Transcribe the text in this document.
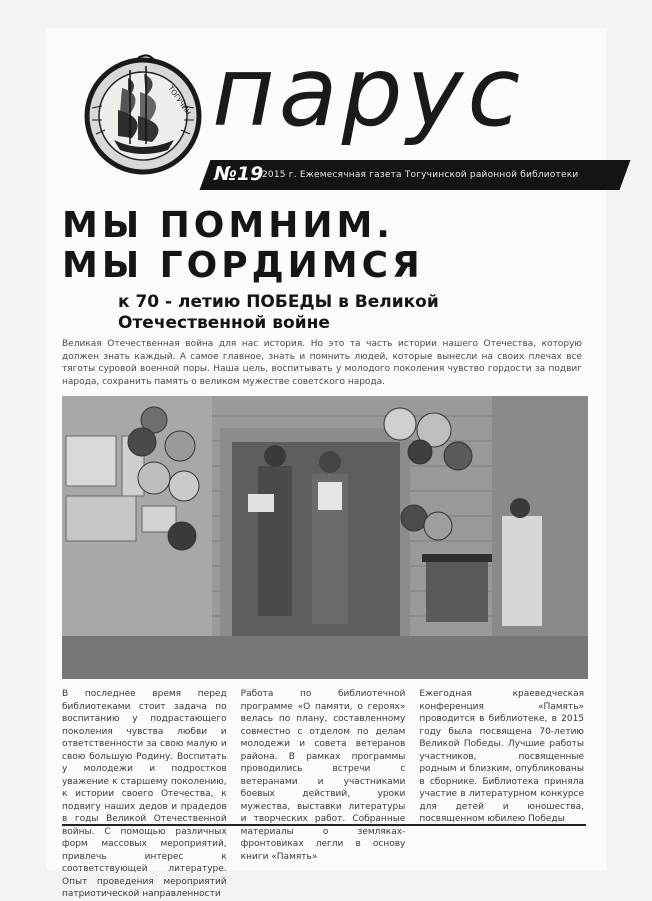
ТОГУЧИН парус
№19
2015 г. Ежемесячная газета Тогучинской районной библиотеки
МЫ ПОМНИМ.
МЫ ГОРДИМСЯ
к 70 - летию ПОБЕДЫ в Великой Отечественной войне
Великая Отечественная война для нас история. Но это та часть истории нашего Отечества, которую должен знать каждый. А самое главное, знать и помнить людей, которые вынесли на своих плечах все тяготы суровой военной поры. Наша цель, воспитывать у молодого поколения чувство гордости за подвиг народа, сохранить память о великом мужестве советского народа.
В последнее время перед библиотеками стоит задача по воспитанию у подрастающего поколения чувства любви и ответственности за свою малую и свою большую Родину. Воспитать у молодежи и подростков уважение к старшему поколению, к истории своего Отечества, к подвигу наших дедов и прадедов в годы Великой Отечественной войны. С помощью различных форм массовых мероприятий, привлечь интерес к соответствующей литературе. Опыт проведения мероприятий патриотической направленности
Работа по библиотечной программе «О памяти, о героях» велась по плану, составленному совместно с отделом по делам молодежи и совета ветеранов района. В рамках программы проводились встречи с ветеранами и участниками боевых действий, уроки мужества, выставки литературы и творческих работ. Собранные материалы о земляках-фронтовиках легли в основу книги «Память»
Ежегодная краеведческая конференция «Память» проводится в библиотеке, в 2015 году была посвящена 70-летию Великой Победы. Лучшие работы участников, посвященные родным и близким, опубликованы в сборнике. Библиотека приняла участие в литературном конкурсе для детей и юношества, посвященном юбилею Победы
